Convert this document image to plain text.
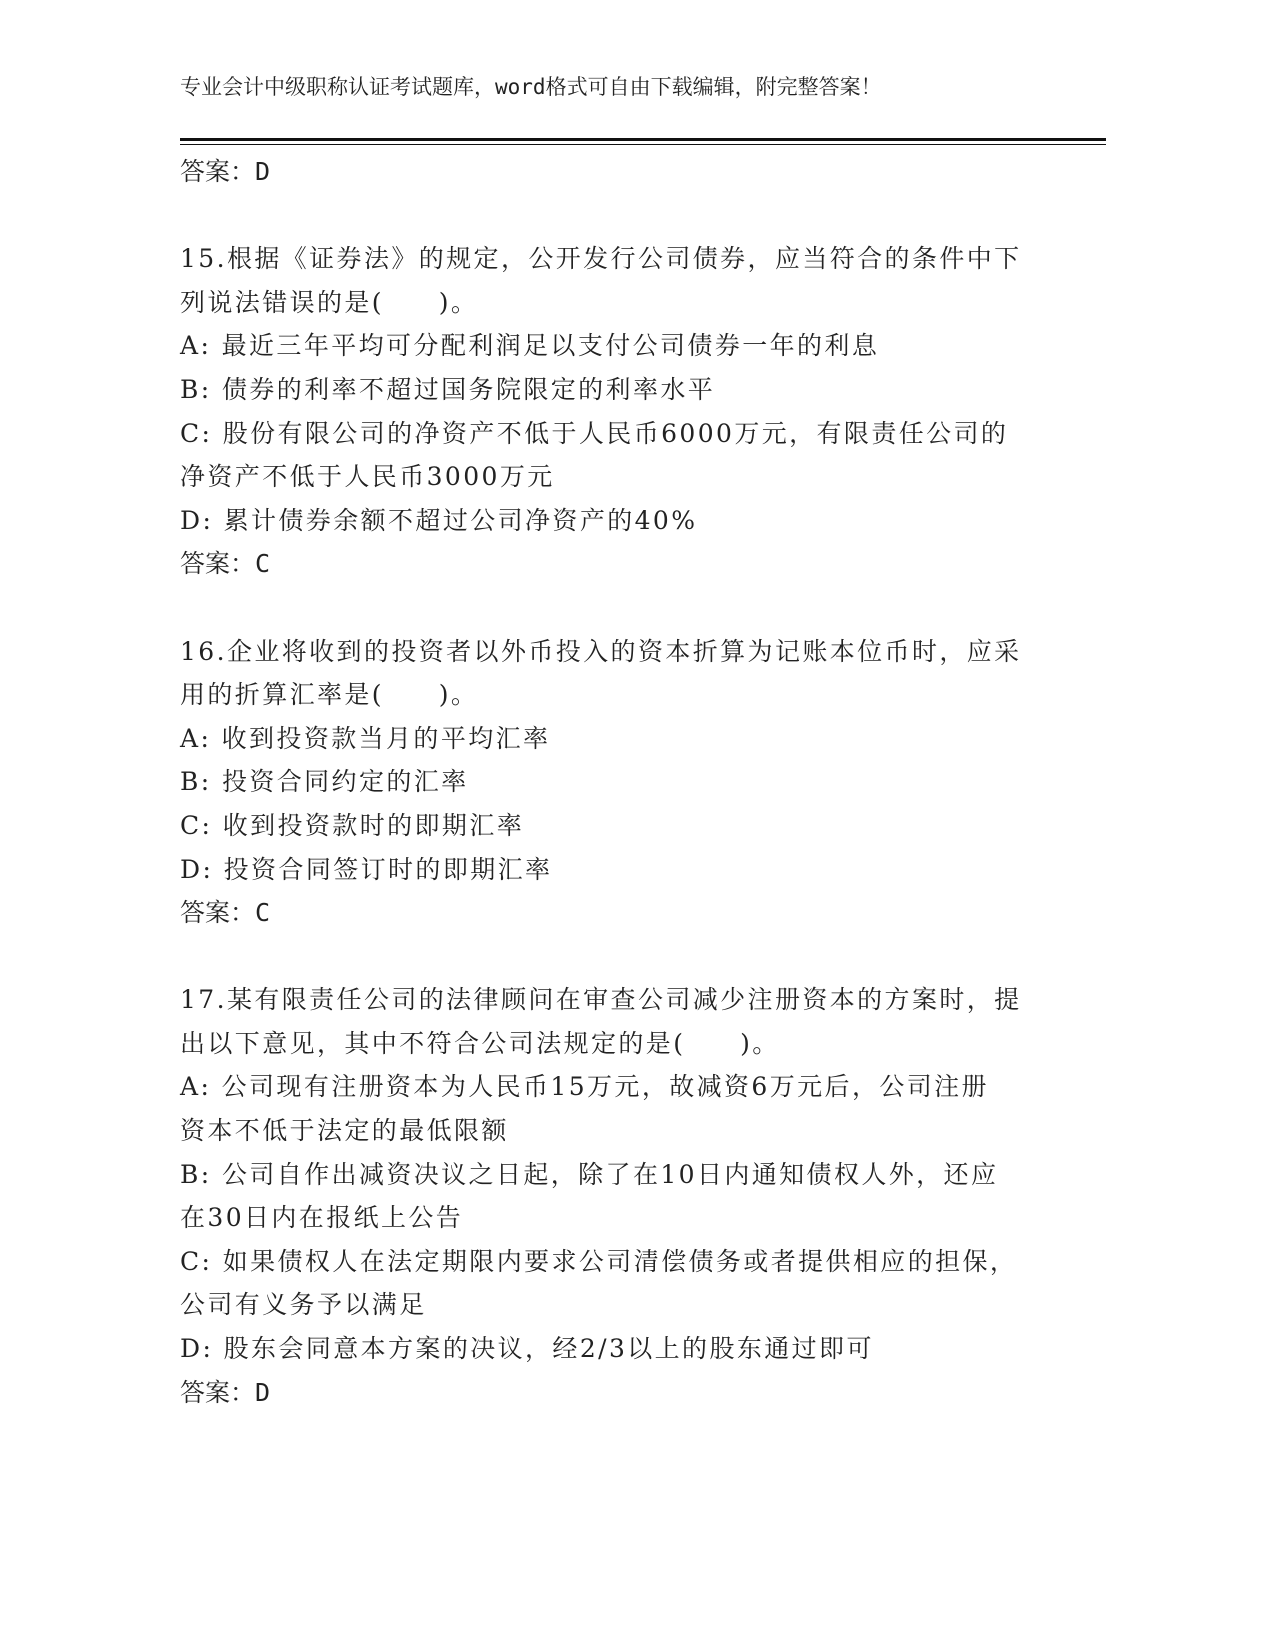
专业会计中级职称认证考试题库，word格式可自由下载编辑，附完整答案！
答案：D
15.根据《证券法》的规定，公开发行公司债券，应当符合的条件中下
列说法错误的是(　　)。
A: 最近三年平均可分配利润足以支付公司债券一年的利息
B: 债券的利率不超过国务院限定的利率水平
C: 股份有限公司的净资产不低于人民币6000万元，有限责任公司的
净资产不低于人民币3000万元
D: 累计债券余额不超过公司净资产的40%
答案：C
16.企业将收到的投资者以外币投入的资本折算为记账本位币时，应采
用的折算汇率是(　　)。
A: 收到投资款当月的平均汇率
B: 投资合同约定的汇率
C: 收到投资款时的即期汇率
D: 投资合同签订时的即期汇率
答案：C
17.某有限责任公司的法律顾问在审查公司减少注册资本的方案时，提
出以下意见，其中不符合公司法规定的是(　　)。
A: 公司现有注册资本为人民币15万元，故减资6万元后，公司注册
资本不低于法定的最低限额
B: 公司自作出减资决议之日起，除了在10日内通知债权人外，还应
在30日内在报纸上公告
C: 如果债权人在法定期限内要求公司清偿债务或者提供相应的担保，
公司有义务予以满足
D: 股东会同意本方案的决议，经2/3以上的股东通过即可
答案：D
